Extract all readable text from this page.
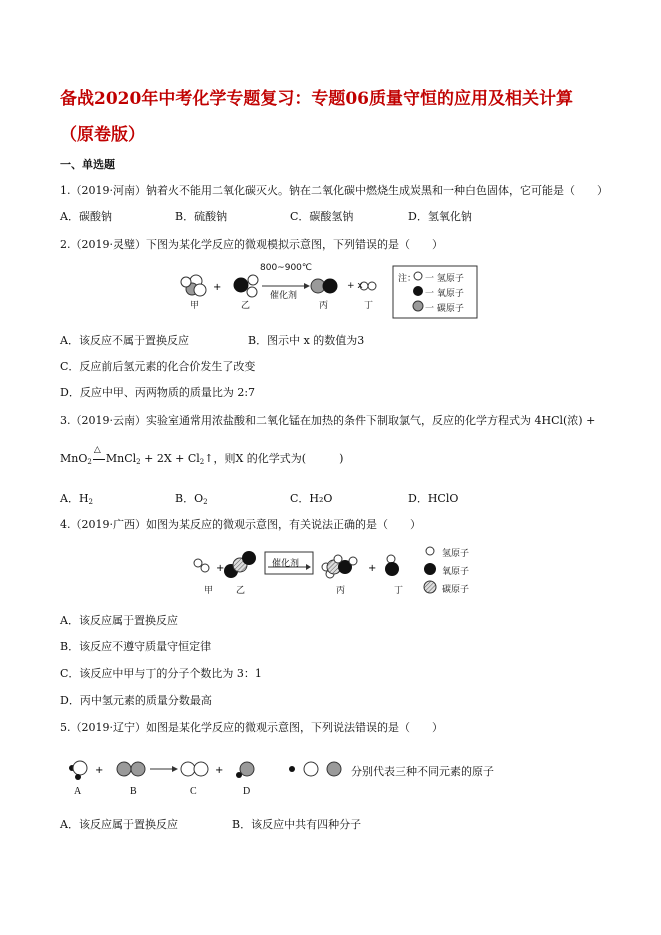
备战2020年中考化学专题复习：专题06质量守恒的应用及相关计算
（原卷版）
一、单选题
1.（2019·河南）钠着火不能用二氧化碳灭火。钠在二氧化碳中燃烧生成炭黑和一种白色固体，它可能是（　　）
A．碳酸钠	B．硫酸钠	C．碳酸氢钠	D．氢氧化钠
2.（2019·灵璧）下图为某化学反应的微观模拟示意图，下列错误的是（　　）
+
800~900℃
催化剂
+ x
甲	乙	丙	丁
注： 一 氢原子
一 氧原子
一 碳原子
A．该反应不属于置换反应	B．图示中 x 的数值为3
C．反应前后氢元素的化合价发生了改变
D．反应中甲、丙两物质的质量比为 2:7
3.（2019·云南）实验室通常用浓盐酸和二氧化锰在加热的条件下制取氯气，反应的化学方程式为 4HCl(浓) +
MnO$_2$
△
MnCl$_2$ + $2X + Cl_2↑$，则X 的化学式为(　　　)
A．$H_2$	B．$O_2$	C．H₂O	D．HClO
4.（2019·广西）如图为某反应的微观示意图，有关说法正确的是（　　）
+	+
催化剂
甲	乙	丙	丁
氢原子
氧原子
碳原子
A．该反应属于置换反应
B．该反应不遵守质量守恒定律
C．该反应中甲与丁的分子个数比为 3：1
D．丙中氢元素的质量分数最高
5.（2019·辽宁）如图是某化学反应的微观示意图，下列说法错误的是（　　）
+	+
A	B	C	D
分别代表三种不同元素的原子
A．该反应属于置换反应	B．该反应中共有四种分子
